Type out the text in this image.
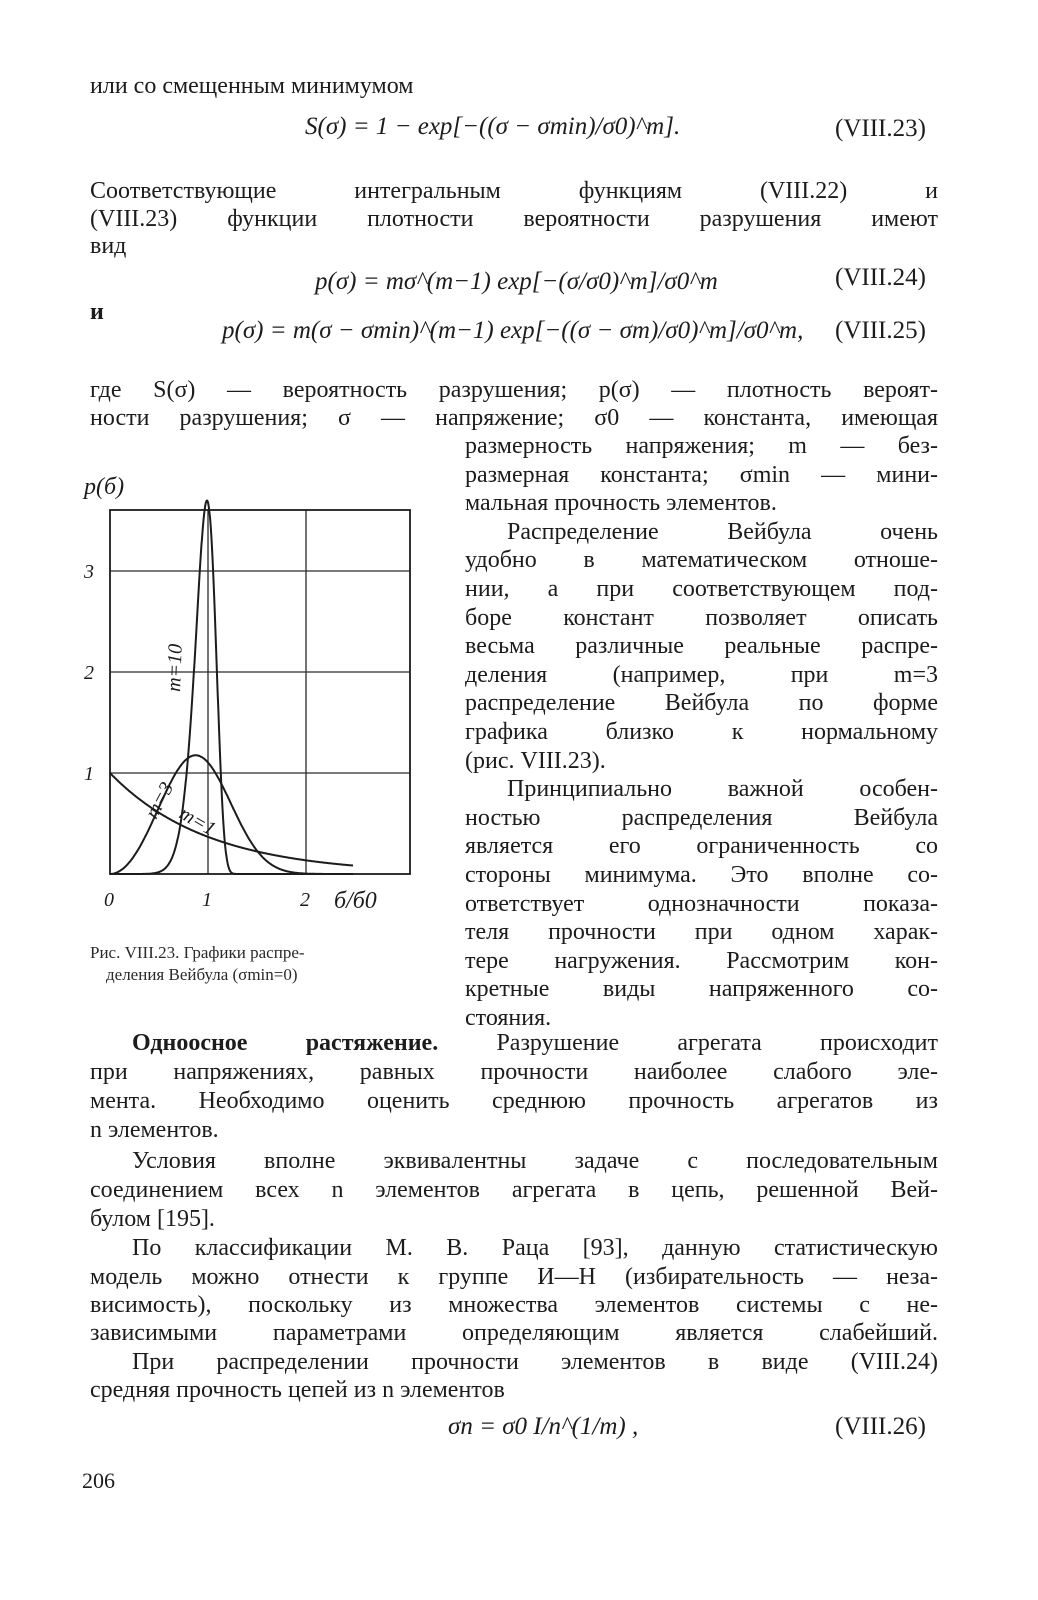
или со смещенным минимумом
S(σ) = 1 − exp[−((σ − σmin)/σ0)^m].	(VIII.23)
Соответствующие интегральным функциям (VIII.22) и
(VIII.23) функции плотности вероятности разрушения имеют
вид
p(σ) = mσ^(m−1) exp[−(σ/σ0)^m]/σ0^m	(VIII.24)
и
p(σ) = m(σ − σmin)^(m−1) exp[−((σ − σm)/σ0)^m]/σ0^m, (VIII.25)
где S(σ) — вероятность разрушения; p(σ) — плотность вероят-
ности разрушения; σ — напряжение; σ0 — константа, имеющая
размерность напряжения; m — без-
размерная константа; σmin — мини-
мальная прочность элементов.
Распределение Вейбула очень
удобно в математическом отноше-
нии, а при соответствующем под-
боре констант позволяет описать
весьма различные реальные распре-
деления (например, при m=3
распределение Вейбула по форме
графика близко к нормальному
(рис. VIII.23).
Принципиально важной особен-
ностью распределения Вейбула
является его ограниченность со
стороны минимума. Это вполне со-
ответствует однозначности показа-
теля прочности при одном харак-
тере нагружения. Рассмотрим кон-
кретные виды напряженного со-
стояния.
0	1	2
1
2
3
p(б)
б/б0
m=1
m=3
m=10
Рис. VIII.23. Графики распре-
деления Вейбула (σmin=0)
Одноосное растяжение. Разрушение агрегата происходит
при напряжениях, равных прочности наиболее слабого эле-
мента. Необходимо оценить среднюю прочность агрегатов из
n элементов.
Условия вполне эквивалентны задаче с последовательным
соединением всех n элементов агрегата в цепь, решенной Вей-
булом [195].
По классификации М. В. Раца [93], данную статистическую
модель можно отнести к группе И—Н (избирательность — неза-
висимость), поскольку из множества элементов системы с не-
зависимыми параметрами определяющим является слабейший.
При распределении прочности элементов в виде (VIII.24)
средняя прочность цепей из n элементов
σn = σ0 I/n^(1/m) ,	(VIII.26)
206
